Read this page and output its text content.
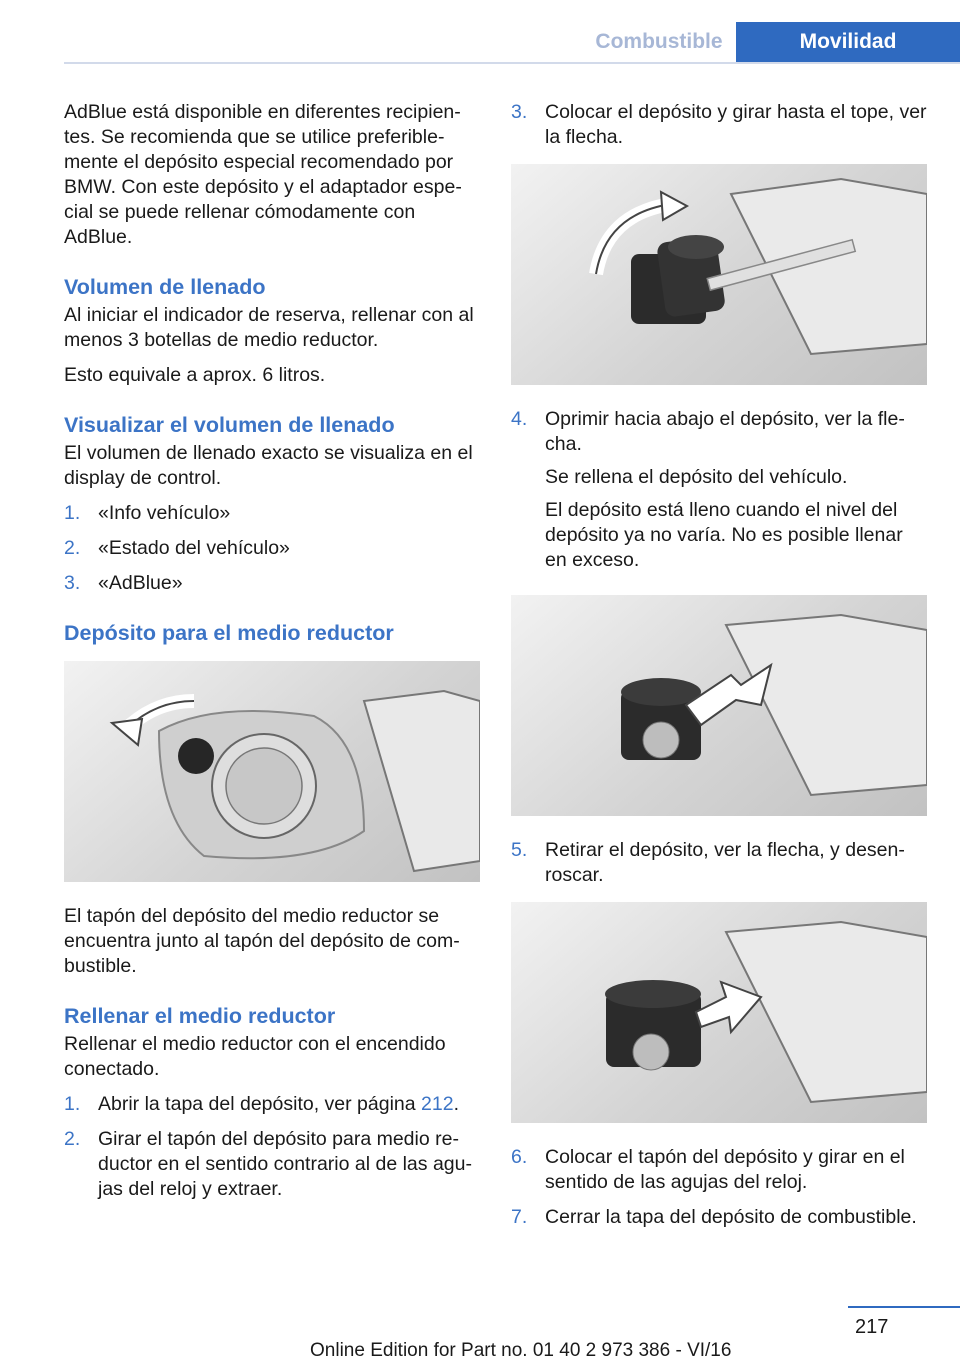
Combustible	Movilidad

AdBlue está disponible en diferentes recipien‐tes. Se recomienda que se utilice preferible‐mente el depósito especial recomendado por BMW. Con este depósito y el adaptador espe‐cial se puede rellenar cómodamente con AdBlue.

Volumen de llenado

Al iniciar el indicador de reserva, rellenar con al menos 3 botellas de medio reductor.

Esto equivale a aprox. 6 litros.

Visualizar el volumen de llenado

El volumen de llenado exacto se visualiza en el display de control.

1. «Info vehículo»
2. «Estado del vehículo»
3. «AdBlue»
Depósito para el medio reductor

El tapón del depósito del medio reductor se encuentra junto al tapón del depósito de com‐bustible.

Rellenar el medio reductor

Rellenar el medio reductor con el encendido conectado.

1. Abrir la tapa del depósito, ver página 212.
2. Girar el tapón del depósito para medio re‐ductor en el sentido contrario al de las agu‐jas del reloj y extraer.
3. Colocar el depósito y girar hasta el tope, ver la flecha.
4. Oprimir hacia abajo el depósito, ver la fle‐cha.

Se rellena el depósito del vehículo.

El depósito está lleno cuando el nivel del depósito ya no varía. No es posible llenar en exceso.

5. Retirar el depósito, ver la flecha, y desen‐roscar.
6. Colocar el tapón del depósito y girar en el sentido de las agujas del reloj.
7. Cerrar la tapa del depósito de combustible.
217
Online Edition for Part no. 01 40 2 973 386 - VI/16
